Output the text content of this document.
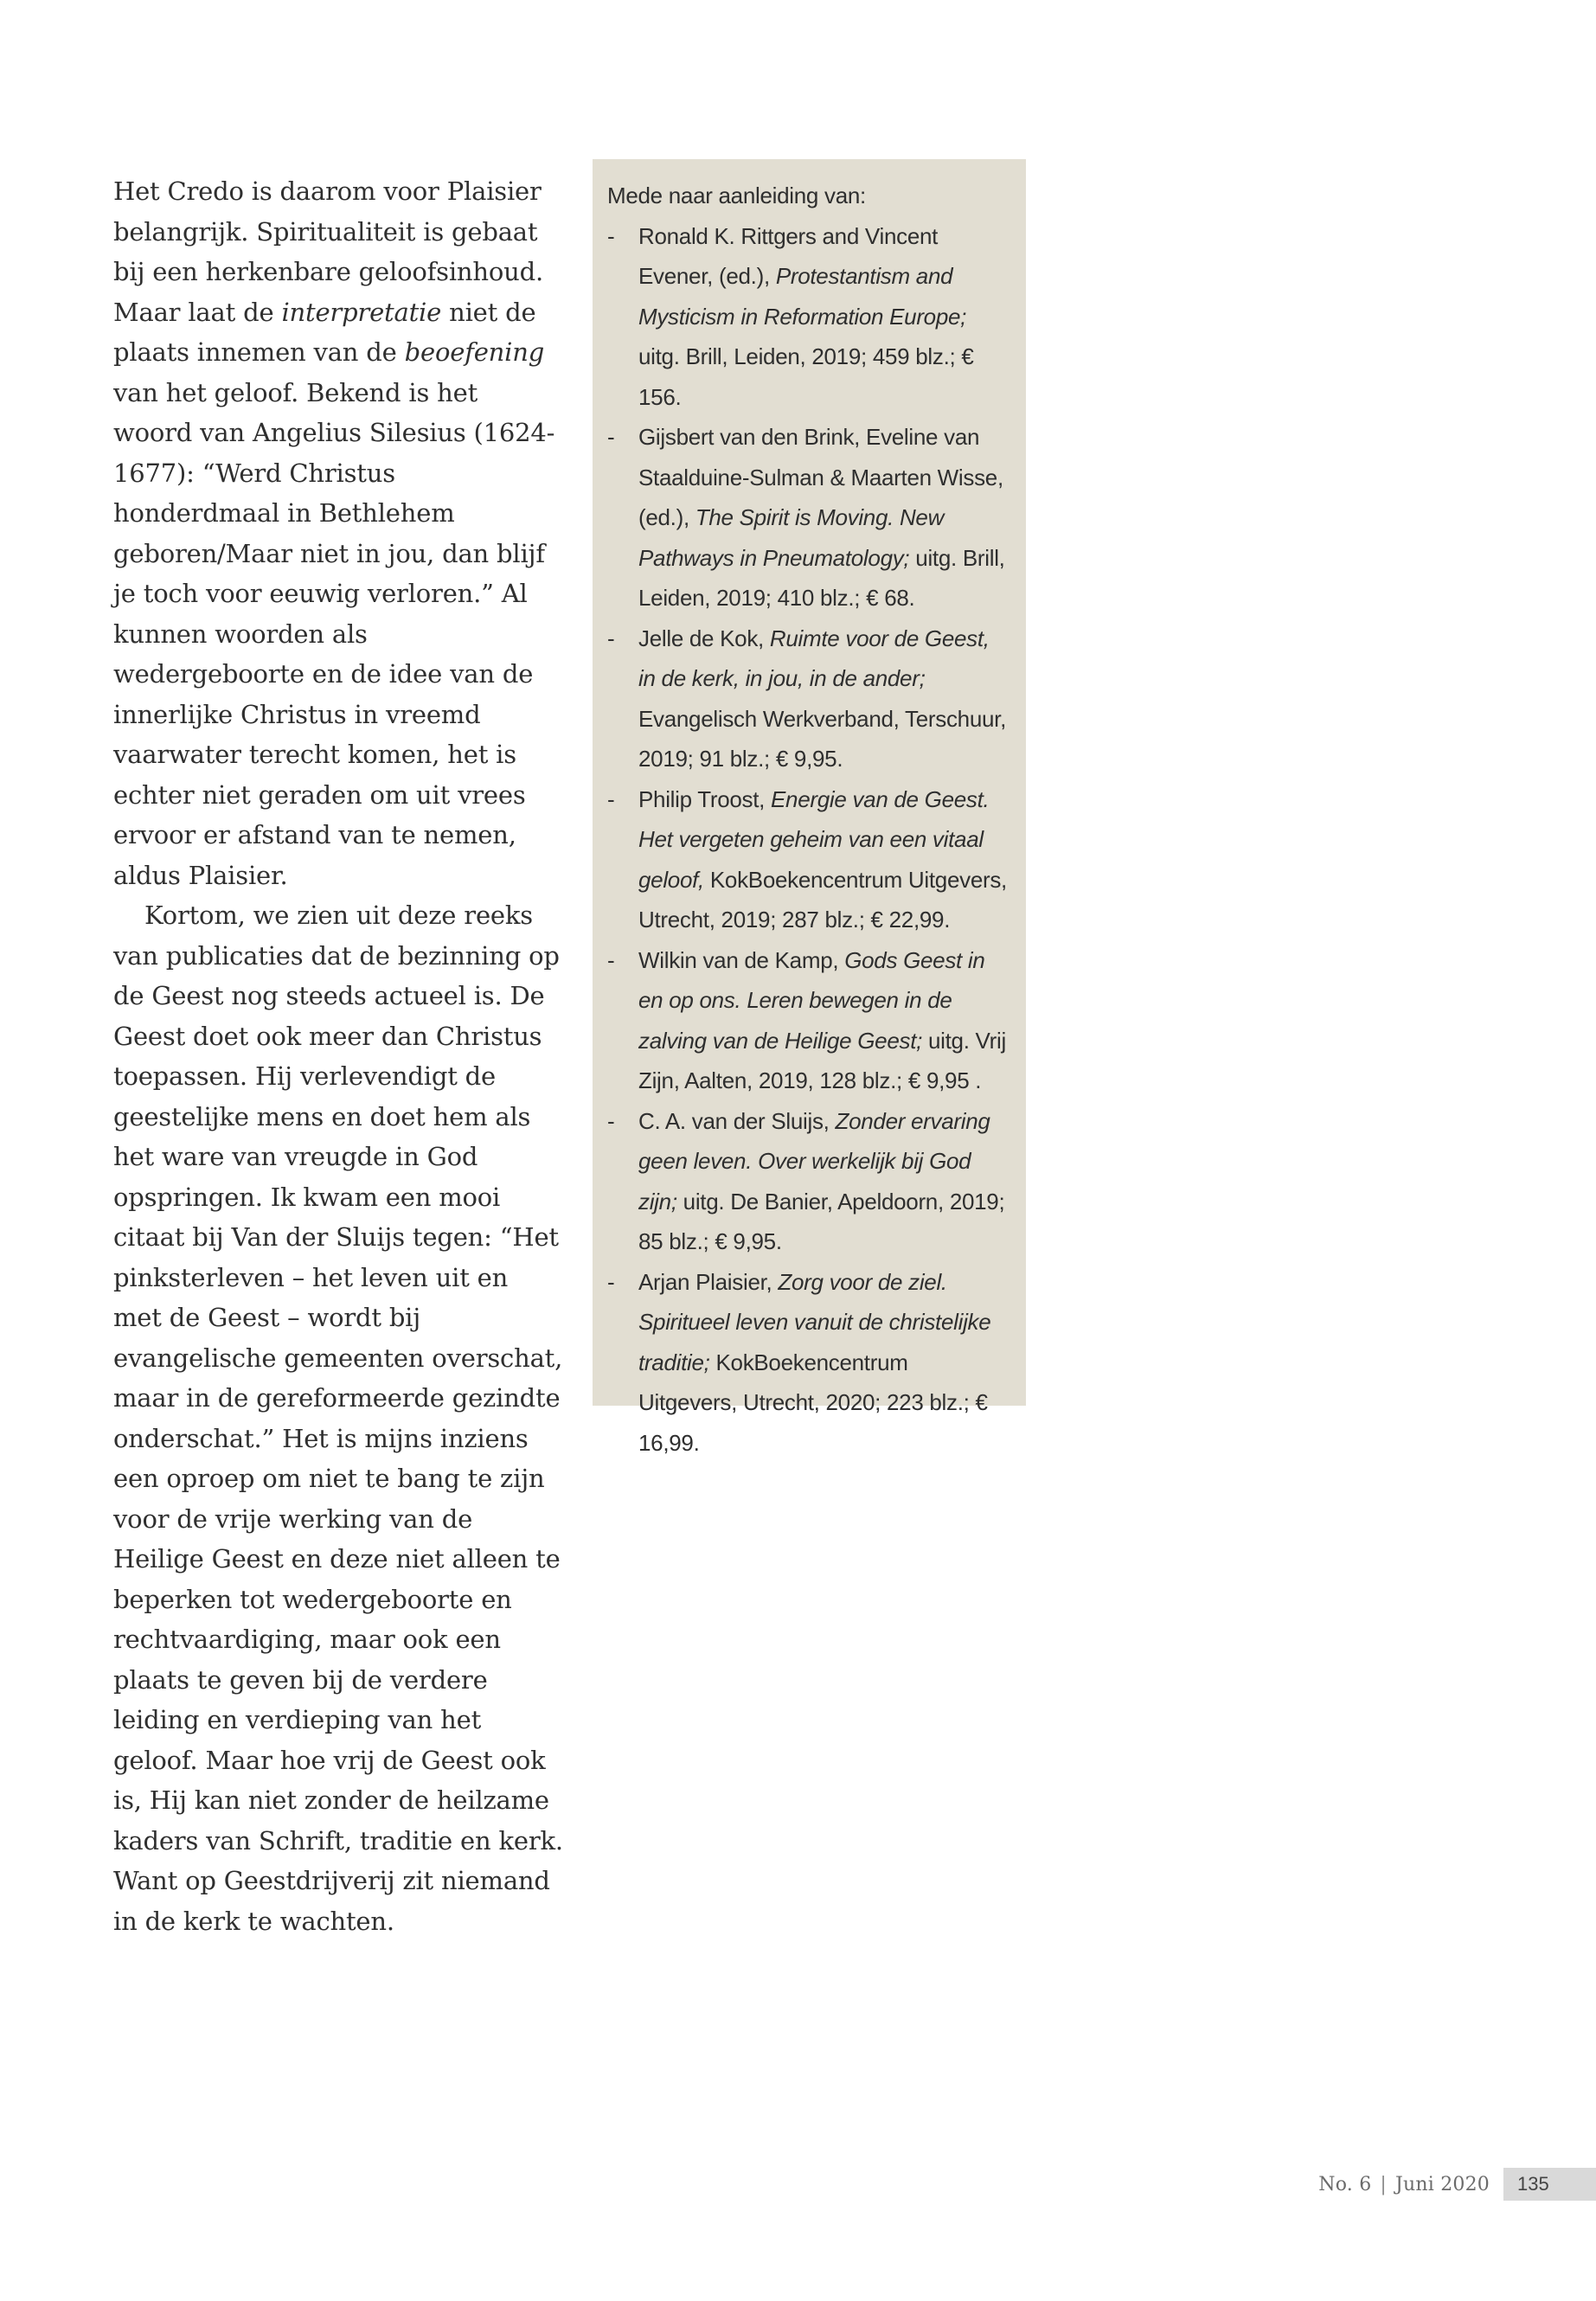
Het Credo is daarom voor Plaisier belangrijk. Spiritualiteit is gebaat bij een herkenbare geloofsinhoud. Maar laat de interpretatie niet de plaats innemen van de beoefening van het geloof. Bekend is het woord van Angelius Silesius (1624-1677): “Werd Christus honderdmaal in Bethlehem geboren/Maar niet in jou, dan blijf je toch voor eeuwig verloren.” Al kunnen woorden als wedergeboorte en de idee van de innerlijke Christus in vreemd vaarwater terecht komen, het is echter niet geraden om uit vrees ervoor er afstand van te nemen, aldus Plaisier.

Kortom, we zien uit deze reeks van publicaties dat de bezinning op de Geest nog steeds actueel is. De Geest doet ook meer dan Christus toepassen. Hij verlevendigt de geestelijke mens en doet hem als het ware van vreugde in God opspringen. Ik kwam een mooi citaat bij Van der Sluijs tegen: “Het pinksterleven – het leven uit en met de Geest – wordt bij evangelische gemeenten overschat, maar in de gereformeerde gezindte onderschat.” Het is mijns inziens een oproep om niet te bang te zijn voor de vrije werking van de Heilige Geest en deze niet alleen te beperken tot wedergeboorte en rechtvaardiging, maar ook een plaats te geven bij de verdere leiding en verdieping van het geloof. Maar hoe vrij de Geest ook is, Hij kan niet zonder de heilzame kaders van Schrift, traditie en kerk. Want op Geestdrijverij zit niemand in de kerk te wachten.

Mede naar aanleiding van:

- Ronald K. Rittgers and Vincent Evener, (ed.), Protestantism and Mysticism in Reformation Europe; uitg. Brill, Leiden, 2019; 459 blz.; € 156.
- Gijsbert van den Brink, Eveline van Staalduine-Sulman & Maarten Wisse, (ed.), The Spirit is Moving. New Pathways in Pneumatology; uitg. Brill, Leiden, 2019; 410 blz.; € 68.
- Jelle de Kok, Ruimte voor de Geest, in de kerk, in jou, in de ander; Evangelisch Werkverband, Terschuur, 2019; 91 blz.; € 9,95.
- Philip Troost, Energie van de Geest. Het vergeten geheim van een vitaal geloof, KokBoekencentrum Uitgevers, Utrecht, 2019; 287 blz.; € 22,99.
- Wilkin van de Kamp, Gods Geest in en op ons. Leren bewegen in de zalving van de Heilige Geest; uitg. Vrij Zijn, Aalten, 2019, 128 blz.; € 9,95 .
- C. A. van der Sluijs, Zonder ervaring geen leven. Over werkelijk bij God zijn; uitg. De Banier, Apeldoorn, 2019; 85 blz.; € 9,95.
- Arjan Plaisier, Zorg voor de ziel. Spiritueel leven vanuit de christelijke traditie; KokBoekencentrum Uitgevers, Utrecht, 2020; 223 blz.; € 16,99.
No. 6 | Juni 2020	135
